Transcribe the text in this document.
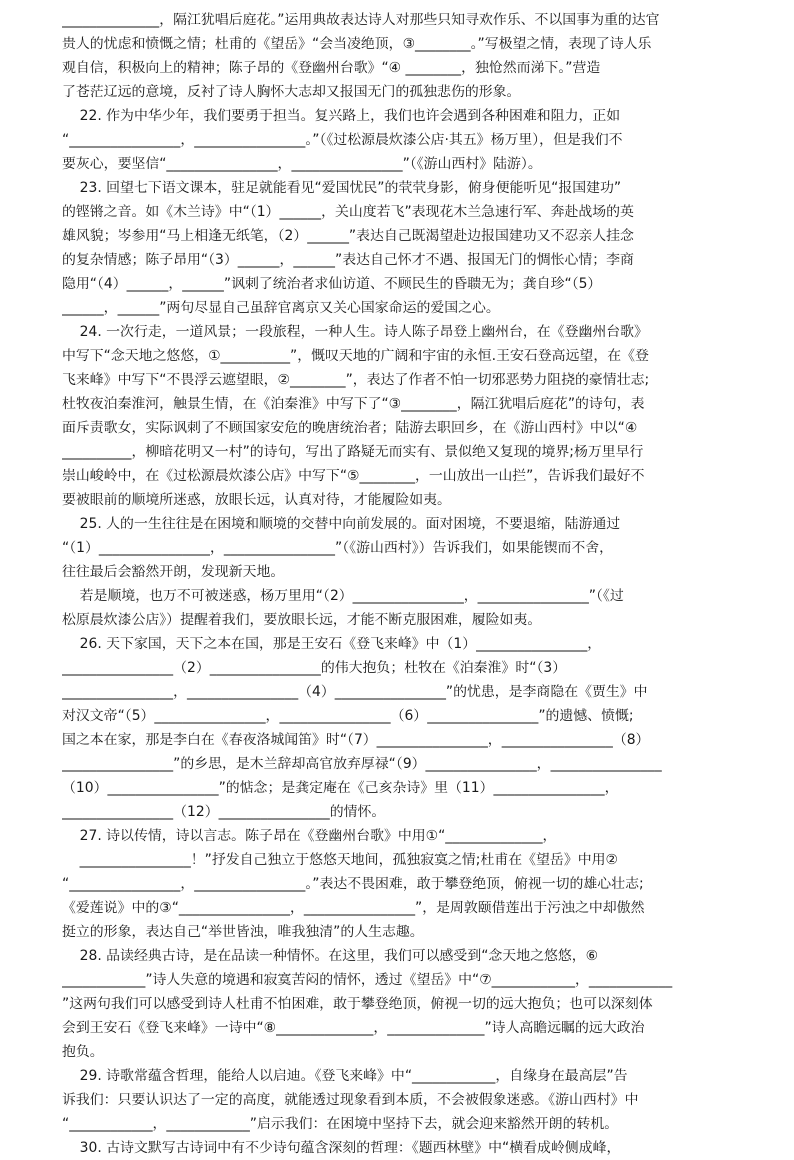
______________，隔江犹唱后庭花。”运用典故表达诗人对那些只知寻欢作乐、不以国事为重的达官
贵人的忧虑和愤慨之情；杜甫的《望岳》“会当凌绝顶，③________。”写极望之情，表现了诗人乐
观自信，积极向上的精神；陈子昂的《登幽州台歌》“④ ________，独怆然而涕下。”营造
了苍茫辽远的意境，反衬了诗人胸怀大志却又报国无门的孤独悲伤的形象。
22. 作为中华少年，我们要勇于担当。复兴路上，我们也许会遇到各种困难和阻力，正如
“________________，________________。”（《过松源晨炊漆公店·其五》杨万里），但是我们不
要灰心，要坚信“________________，________________”（《游山西村》陆游）。
23. 回望七下语文课本，驻足就能看见“爱国忧民”的茕茕身影，俯身便能听见“报国建功”
的铿锵之音。如《木兰诗》中“（1）______，关山度若飞”表现花木兰急速行军、奔赴战场的英
雄风貌；岑参用“马上相逢无纸笔，（2）______”表达自己既渴望赴边报国建功又不忍亲人挂念
的复杂情感；陈子昂用“（3）______，______”表达自己怀才不遇、报国无门的惆怅心情；李商
隐用“（4）______，______”讽刺了统治者求仙访道、不顾民生的昏聩无为；龚自珍“（5）
______，______”两句尽显自己虽辞官离京又关心国家命运的爱国之心。
24. 一次行走，一道风景；一段旅程，一种人生。诗人陈子昂登上幽州台，在《登幽州台歌》
中写下“念天地之悠悠，①__________”，慨叹天地的广阔和宇宙的永恒.王安石登高远望，在《登
飞来峰》中写下“不畏浮云遮望眼，②________”，表达了作者不怕一切邪恶势力阻挠的豪情壮志;
杜牧夜泊秦淮河，触景生情，在《泊秦淮》中写下了“③________，隔江犹唱后庭花”的诗句，表
面斥责歌女，实际讽刺了不顾国家安危的晚唐统治者；陆游去职回乡，在《游山西村》中以“④
__________，柳暗花明又一村”的诗句，写出了路疑无而实有、景似绝又复现的境界;杨万里早行
崇山峻岭中，在《过松源晨炊漆公店》中写下“⑤________，一山放出一山拦”，告诉我们最好不
要被眼前的顺境所迷惑，放眼长远，认真对待，才能履险如夷。
25. 人的一生往往是在困境和顺境的交替中向前发展的。面对困境，不要退缩，陆游通过
“（1）________________，________________”（《游山西村》）告诉我们，如果能锲而不舍，
往往最后会豁然开朗，发现新天地。
若是顺境，也万不可被迷惑，杨万里用“（2）________________，________________”（《过
松原晨炊漆公店》）提醒着我们，要放眼长远，才能不断克服困难，履险如夷。
26. 天下家国，天下之本在国，那是王安石《登飞来峰》中（1）________________，
________________（2）________________的伟大抱负；杜牧在《泊秦淮》时“（3）
________________，________________（4）________________”的忧患，是李商隐在《贾生》中
对汉文帝“（5）________________，________________（6）________________”的遗憾、愤慨;
国之本在家，那是李白在《春夜洛城闻笛》时“（7）________________，________________（8）
________________”的乡思，是木兰辞却高官放弃厚禄“（9）________________，________________
（10）________________”的惦念；是龚定庵在《己亥杂诗》里（11）________________，
________________（12）________________的情怀。
27. 诗以传情，诗以言志。陈子昂在《登幽州台歌》中用①“______________，
________________！”抒发自己独立于悠悠天地间，孤独寂寞之情;杜甫在《望岳》中用②
“________________，________________。”表达不畏困难，敢于攀登绝顶，俯视一切的雄心壮志;
《爱莲说》中的③“________________，________________”，是周敦颐借莲出于污浊之中却傲然
挺立的形象，表达自己“举世皆浊，唯我独清”的人生志趣。
28. 品读经典古诗，是在品读一种情怀。在这里，我们可以感受到“念天地之悠悠，⑥
____________”诗人失意的境遇和寂寞苦闷的情怀，透过《望岳》中“⑦____________，____________
”这两句我们可以感受到诗人杜甫不怕困难，敢于攀登绝顶，俯视一切的远大抱负；也可以深刻体
会到王安石《登飞来峰》一诗中“⑧______________，______________”诗人高瞻远瞩的远大政治
抱负。
29. 诗歌常蕴含哲理，能给人以启迪。《登飞来峰》中“____________，自缘身在最高层”告
诉我们：只要认识达了一定的高度，就能透过现象看到本质，不会被假象迷惑。《游山西村》中
“____________，____________”启示我们：在困境中坚持下去，就会迎来豁然开朗的转机。
30. 古诗文默写古诗词中有不少诗句蕴含深刻的哲理：《题西林壁》中“横看成岭侧成峰，
